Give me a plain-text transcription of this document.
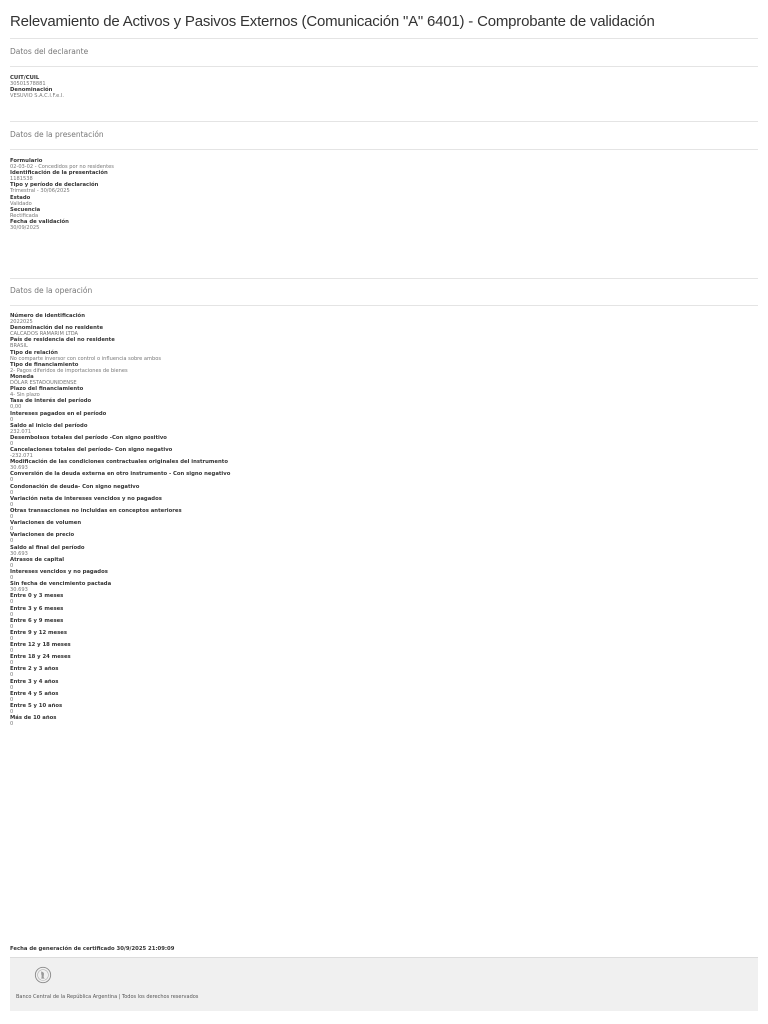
Relevamiento de Activos y Pasivos Externos (Comunicación "A" 6401) - Comprobante de validación
Datos del declarante
CUIT/CUIL
30501578881
Denominación
VESUVIO S.A.C.I.F.e.I.
Datos de la presentación
Formulario
02-03-02 - Concedidos por no residentes
Identificación de la presentación
1181538
Tipo y período de declaración
Trimestral - 30/06/2025
Estado
Validado
Secuencia
Rectificada
Fecha de validación
30/09/2025
Datos de la operación
Número de identificación
2022025
Denominación del no residente
CALCADOS RAMARIM LTDA
País de residencia del no residente
BRASIL
Tipo de relación
No comparte inversor con control o influencia sobre ambos
Tipo de financiamiento
2- Pagos diferidos de importaciones de bienes
Moneda
DÓLAR ESTADOUNIDENSE
Plazo del financiamiento
4- Sin plazo
Tasa de interés del período
0,00
Intereses pagados en el período
0
Saldo al inicio del período
232.071
Desembolsos totales del período -Con signo positivo
0
Cancelaciones totales del período- Con signo negativo
-232.071
Modificación de las condiciones contractuales originales del instrumento
30.693
Conversión de la deuda externa en otro instrumento - Con signo negativo
0
Condonación de deuda- Con signo negativo
0
Variación neta de intereses vencidos y no pagados
0
Otras transacciones no incluidas en conceptos anteriores
0
Variaciones de volumen
0
Variaciones de precio
0
Saldo al final del período
30.693
Atrasos de capital
0
Intereses vencidos y no pagados
0
Sin fecha de vencimiento pactada
30.693
Entre 0 y 3 meses
0
Entre 3 y 6 meses
0
Entre 6 y 9 meses
0
Entre 9 y 12 meses
0
Entre 12 y 18 meses
0
Entre 18 y 24 meses
0
Entre 2 y 3 años
0
Entre 3 y 4 años
0
Entre 4 y 5 años
0
Entre 5 y 10 años
0
Más de 10 años
0
Fecha de generación de certificado 30/9/2025 21:09:09
Banco Central de la República Argentina | Todos los derechos reservados
